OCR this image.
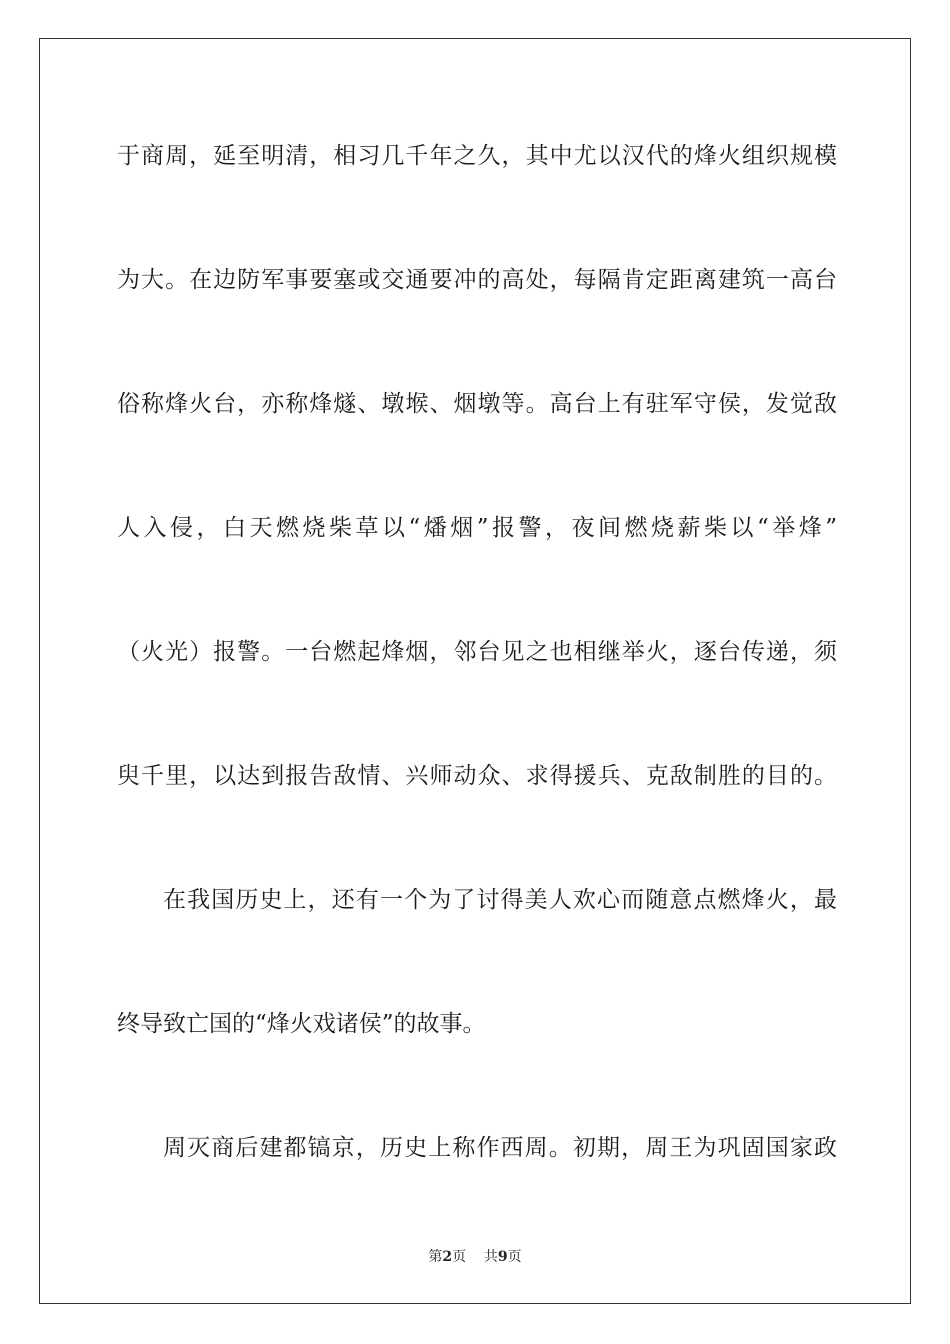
于商周，延至明清，相习几千年之久，其中尤以汉代的烽火组织规模
为大。在边防军事要塞或交通要冲的高处，每隔肯定距离建筑一高台
俗称烽火台，亦称烽燧、墩堠、烟墩等。高台上有驻军守侯，发觉敌
人入侵，白天燃烧柴草以“燔烟”报警，夜间燃烧薪柴以“举烽”
（火光）报警。一台燃起烽烟，邻台见之也相继举火，逐台传递，须
臾千里，以达到报告敌情、兴师动众、求得援兵、克敌制胜的目的。
在我国历史上，还有一个为了讨得美人欢心而随意点燃烽火，最
终导致亡国的“烽火戏诸侯”的故事。
周灭商后建都镐京，历史上称作西周。初期，周王为巩固国家政
第2页 共9页
